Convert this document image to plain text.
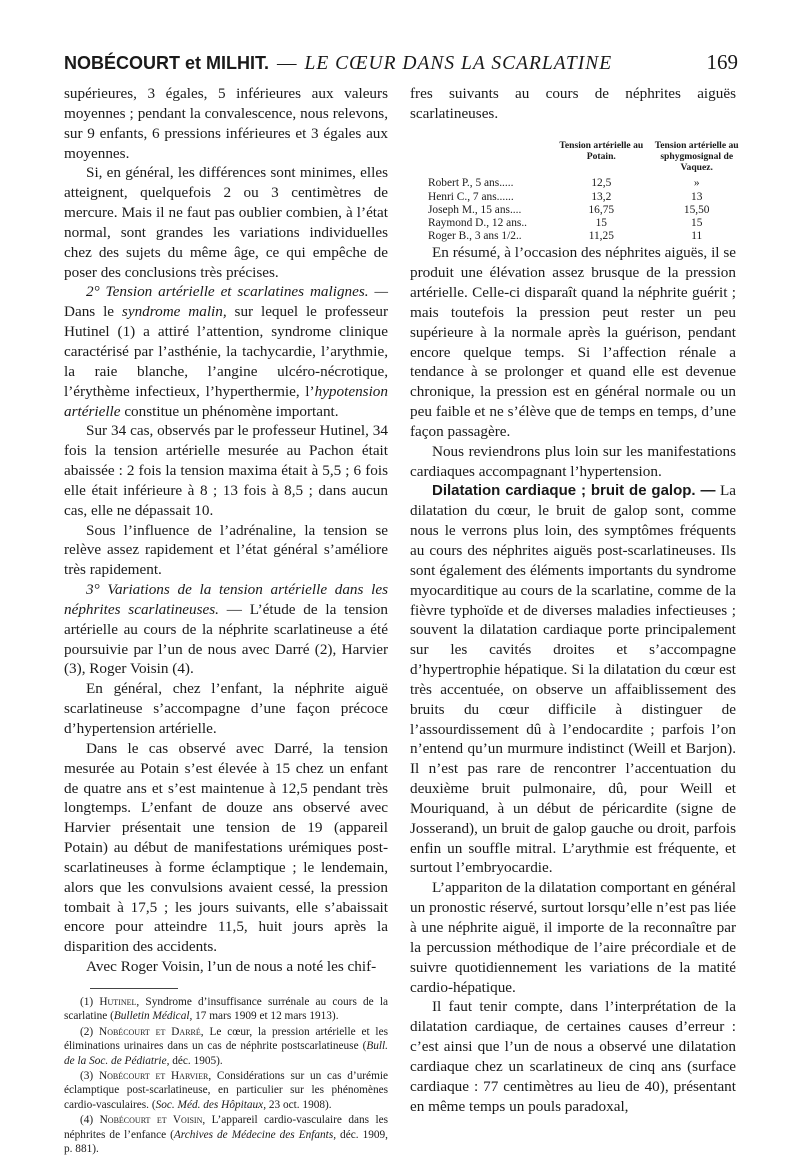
NOBÉCOURT et MILHIT. — LE CŒUR DANS LA SCARLATINE	169

supérieures, 3 égales, 5 inférieures aux valeurs moyennes ; pendant la convalescence, nous relevons, sur 9 enfants, 6 pressions inférieures et 3 égales aux moyennes.

Si, en général, les différences sont minimes, elles atteignent, quelquefois 2 ou 3 centimètres de mercure. Mais il ne faut pas oublier combien, à l’état normal, sont grandes les variations individuelles chez des sujets du même âge, ce qui empêche de poser des conclusions très précises.

2° Tension artérielle et scarlatines malignes. — Dans le syndrome malin, sur lequel le professeur Hutinel (1) a attiré l’attention, syndrome clinique caractérisé par l’asthénie, la tachycardie, l’arythmie, la raie blanche, l’angine ulcéro-nécrotique, l’érythème infectieux, l’hyperthermie, l’hypotension artérielle constitue un phénomène important.

Sur 34 cas, observés par le professeur Hutinel, 34 fois la tension artérielle mesurée au Pachon était abaissée : 2 fois la tension maxima était à 5,5 ; 6 fois elle était inférieure à 8 ; 13 fois à 8,5 ; dans aucun cas, elle ne dépassait 10.

Sous l’influence de l’adrénaline, la tension se relève assez rapidement et l’état général s’améliore très rapidement.

3° Variations de la tension artérielle dans les néphrites scarlatineuses. — L’étude de la tension artérielle au cours de la néphrite scarlatineuse a été poursuivie par l’un de nous avec Darré (2), Harvier (3), Roger Voisin (4).

En général, chez l’enfant, la néphrite aiguë scarlatineuse s’accompagne d’une façon précoce d’hypertension artérielle.

Dans le cas observé avec Darré, la tension mesurée au Potain s’est élevée à 15 chez un enfant de quatre ans et s’est maintenue à 12,5 pendant très longtemps. L’enfant de douze ans observé avec Harvier présentait une tension de 19 (appareil Potain) au début de manifestations urémiques post-scarlatineuses à forme éclamptique ; le lendemain, alors que les convulsions avaient cessé, la pression tombait à 17,5 ; les jours suivants, elle s’abaissait encore pour atteindre 11,5, huit jours après la disparition des accidents.

Avec Roger Voisin, l’un de nous a noté les chif-

(1) Hutinel, Syndrome d’insuffisance surrénale au cours de la scarlatine (Bulletin Médical, 17 mars 1909 et 12 mars 1913).

(2) Nobécourt et Darré, Le cœur, la pression artérielle et les éliminations urinaires dans un cas de néphrite postscarlatineuse (Bull. de la Soc. de Pédiatrie, déc. 1905).

(3) Nobécourt et Harvier, Considérations sur un cas d’urémie éclamptique post-scarlatineuse, en particulier sur les phénomènes cardio-vasculaires. (Soc. Méd. des Hôpitaux, 23 oct. 1908).

(4) Nobécourt et Voisin, L’appareil cardio-vasculaire dans les néphrites de l’enfance (Archives de Médecine des Enfants, déc. 1909, p. 881).

fres suivants au cours de néphrites aiguës scarlatineuses.

	Tension artérielle au Potain.	Tension artérielle au sphygmosignal de Vaquez.
Robert P., 5 ans.....	12,5	»
Henri C., 7 ans......	13,2	13
Joseph M., 15 ans....	16,75	15,50
Raymond D., 12 ans..	15	15
Roger B., 3 ans 1/2..	11,25	11

En résumé, à l’occasion des néphrites aiguës, il se produit une élévation assez brusque de la pression artérielle. Celle-ci disparaît quand la néphrite guérit ; mais toutefois la pression peut rester un peu supérieure à la normale après la guérison, pendant encore quelque temps. Si l’affection rénale a tendance à se prolonger et quand elle est devenue chronique, la pression est en général normale ou un peu faible et ne s’élève que de temps en temps, d’une façon passagère.

Nous reviendrons plus loin sur les manifestations cardiaques accompagnant l’hypertension.

Dilatation cardiaque ; bruit de galop. — La dilatation du cœur, le bruit de galop sont, comme nous le verrons plus loin, des symptômes fréquents au cours des néphrites aiguës post-scarlatineuses. Ils sont également des éléments importants du syndrome myocarditique au cours de la scarlatine, comme de la fièvre typhoïde et de diverses maladies infectieuses ; souvent la dilatation cardiaque porte principalement sur les cavités droites et s’accompagne d’hypertrophie hépatique. Si la dilatation du cœur est très accentuée, on observe un affaiblissement des bruits du cœur difficile à distinguer de l’assourdissement dû à l’endocardite ; parfois l’on n’entend qu’un murmure indistinct (Weill et Barjon). Il n’est pas rare de rencontrer l’accentuation du deuxième bruit pulmonaire, dû, pour Weill et Mouriquand, à un début de péricardite (signe de Josserand), un bruit de galop gauche ou droit, parfois enfin un souffle mitral. L’arythmie est fréquente, et surtout l’embryocardie.

L’appariton de la dilatation comportant en général un pronostic réservé, surtout lorsqu’elle n’est pas liée à une néphrite aiguë, il importe de la reconnaître par la percussion méthodique de l’aire précordiale et de suivre quotidiennement les variations de la matité cardio-hépatique.

Il faut tenir compte, dans l’interprétation de la dilatation cardiaque, de certaines causes d’erreur : c’est ainsi que l’un de nous a observé une dilatation cardiaque chez un scarlatineux de cinq ans (surface cardiaque : 77 centimètres au lieu de 40), présentant en même temps un pouls paradoxal,
